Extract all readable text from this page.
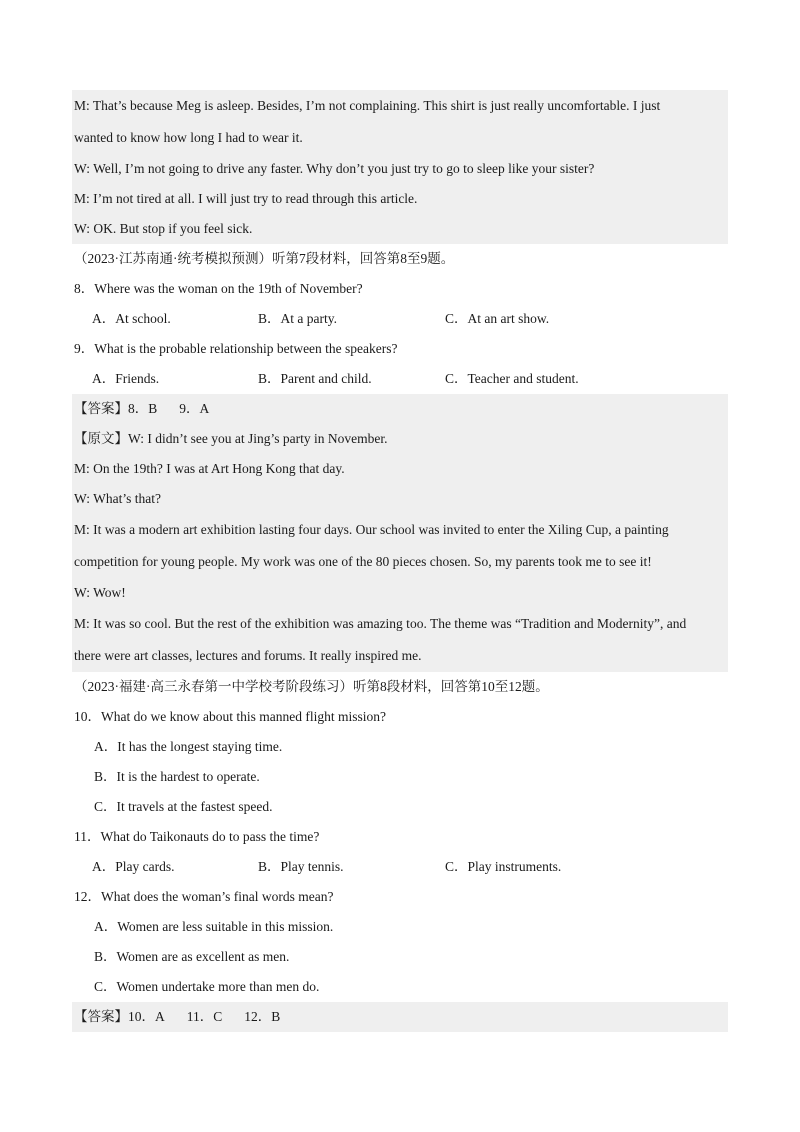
M: That’s because Meg is asleep. Besides, I’m not complaining. This shirt is just really uncomfortable. I just
wanted to know how long I had to wear it.
W: Well, I’m not going to drive any faster. Why don’t you just try to go to sleep like your sister?
M: I’m not tired at all. I will just try to read through this article.
W: OK. But stop if you feel sick.
（2023·江苏南通·统考模拟预测）听第7段材料，回答第8至9题。
8．Where was the woman on the 19th of November?
A．At school.	B．At a party.	C．At an art show.
9．What is the probable relationship between the speakers?
A．Friends.	B．Parent and child.	C．Teacher and student.
【答案】8．B 9．A
【原文】W: I didn’t see you at Jing’s party in November.
M: On the 19th? I was at Art Hong Kong that day.
W: What’s that?
M: It was a modern art exhibition lasting four days. Our school was invited to enter the Xiling Cup, a painting
competition for young people. My work was one of the 80 pieces chosen. So, my parents took me to see it!
W: Wow!
M: It was so cool. But the rest of the exhibition was amazing too. The theme was “Tradition and Modernity”, and
there were art classes, lectures and forums. It really inspired me.
（2023·福建·高三永春第一中学校考阶段练习）听第8段材料，回答第10至12题。
10．What do we know about this manned flight mission?
A．It has the longest staying time.
B．It is the hardest to operate.
C．It travels at the fastest speed.
11．What do Taikonauts do to pass the time?
A．Play cards.	B．Play tennis.	C．Play instruments.
12．What does the woman’s final words mean?
A．Women are less suitable in this mission.
B．Women are as excellent as men.
C．Women undertake more than men do.
【答案】10．A 11．C 12．B
